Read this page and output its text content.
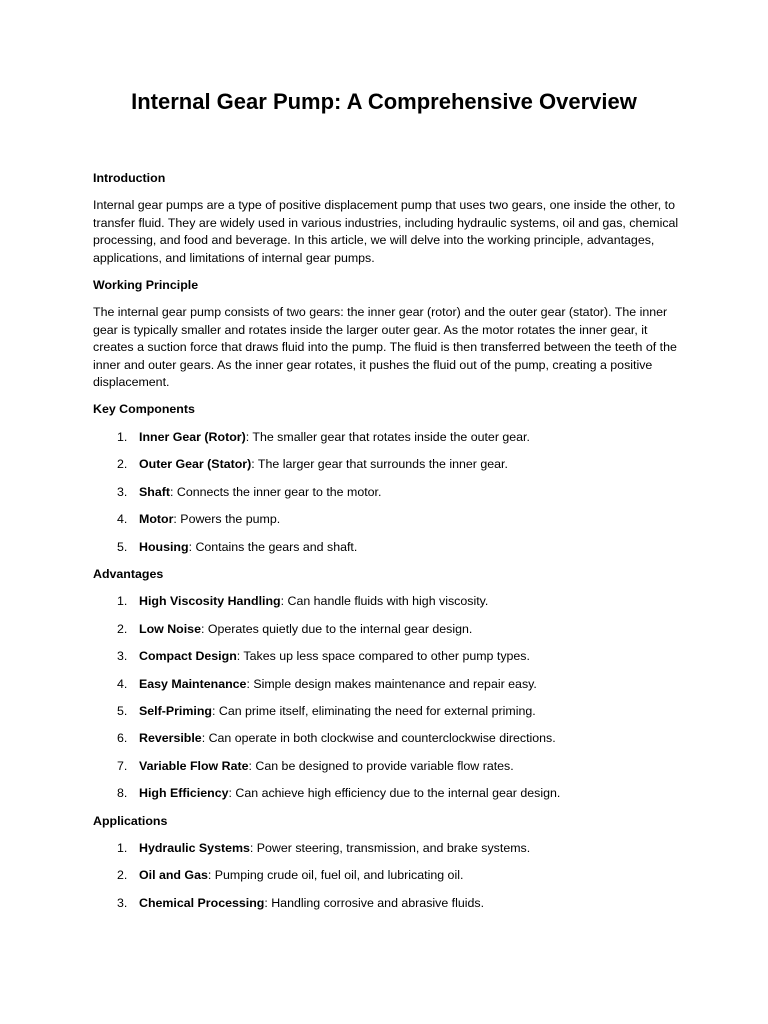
Internal Gear Pump: A Comprehensive Overview
Introduction

Internal gear pumps are a type of positive displacement pump that uses two gears, one inside the other, to transfer fluid. They are widely used in various industries, including hydraulic systems, oil and gas, chemical processing, and food and beverage. In this article, we will delve into the working principle, advantages, applications, and limitations of internal gear pumps.

Working Principle

The internal gear pump consists of two gears: the inner gear (rotor) and the outer gear (stator). The inner gear is typically smaller and rotates inside the larger outer gear. As the motor rotates the inner gear, it creates a suction force that draws fluid into the pump. The fluid is then transferred between the teeth of the inner and outer gears. As the inner gear rotates, it pushes the fluid out of the pump, creating a positive displacement.

Key Components
1. Inner Gear (Rotor): The smaller gear that rotates inside the outer gear.
2. Outer Gear (Stator): The larger gear that surrounds the inner gear.
3. Shaft: Connects the inner gear to the motor.
4. Motor: Powers the pump.
5. Housing: Contains the gears and shaft.
Advantages
1. High Viscosity Handling: Can handle fluids with high viscosity.
2. Low Noise: Operates quietly due to the internal gear design.
3. Compact Design: Takes up less space compared to other pump types.
4. Easy Maintenance: Simple design makes maintenance and repair easy.
5. Self-Priming: Can prime itself, eliminating the need for external priming.
6. Reversible: Can operate in both clockwise and counterclockwise directions.
7. Variable Flow Rate: Can be designed to provide variable flow rates.
8. High Efficiency: Can achieve high efficiency due to the internal gear design.
Applications
1. Hydraulic Systems: Power steering, transmission, and brake systems.
2. Oil and Gas: Pumping crude oil, fuel oil, and lubricating oil.
3. Chemical Processing: Handling corrosive and abrasive fluids.
